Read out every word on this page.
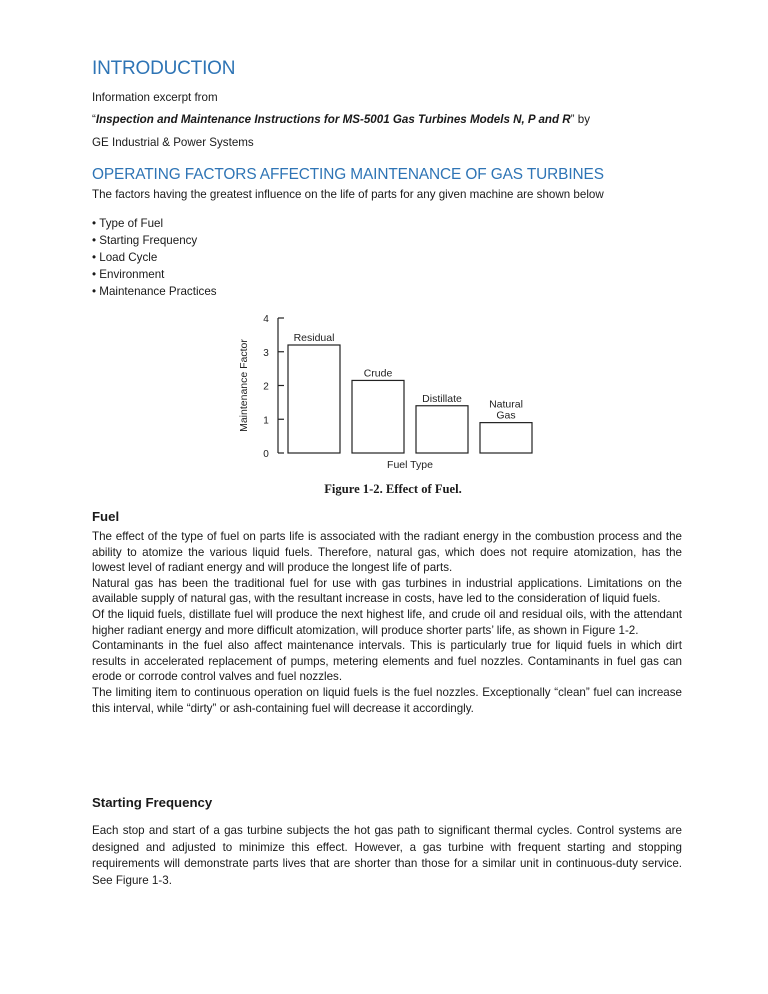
INTRODUCTION
Information excerpt from
“Inspection and Maintenance Instructions for MS-5001 Gas Turbines Models N, P and R” by
GE Industrial & Power Systems
OPERATING FACTORS AFFECTING MAINTENANCE OF GAS TURBINES
The factors having the greatest influence on the life of parts for any given machine are shown below
• Type of Fuel
• Starting Frequency
• Load Cycle
• Environment
• Maintenance Practices
0
1
2
3
4
Maintenance Factor
Residual
Crude
Distillate	Natural
Gas
Fuel Type
Figure 1-2. Effect of Fuel.
Fuel

The effect of the type of fuel on parts life is associated with the radiant energy in the combustion process and the ability to atomize the various liquid fuels. Therefore, natural gas, which does not require atomization, has the lowest level of radiant energy and will produce the longest life of parts.

Natural gas has been the traditional fuel for use with gas turbines in industrial applications. Limitations on the available supply of natural gas, with the resultant increase in costs, have led to the consideration of liquid fuels.

Of the liquid fuels, distillate fuel will produce the next highest life, and crude oil and residual oils, with the attendant higher radiant energy and more difficult atomization, will produce shorter parts’ life, as shown in Figure 1-2.

Contaminants in the fuel also affect maintenance intervals. This is particularly true for liquid fuels in which dirt results in accelerated replacement of pumps, metering elements and fuel nozzles. Contaminants in fuel gas can erode or corrode control valves and fuel nozzles.

The limiting item to continuous operation on liquid fuels is the fuel nozzles. Exceptionally “clean” fuel can increase this interval, while “dirty” or ash-containing fuel will decrease it accordingly.

Starting Frequency

Each stop and start of a gas turbine subjects the hot gas path to significant thermal cycles. Control systems are designed and adjusted to minimize this effect. However, a gas turbine with frequent starting and stopping requirements will demonstrate parts lives that are shorter than those for a similar unit in continuous-duty service. See Figure 1-3.
